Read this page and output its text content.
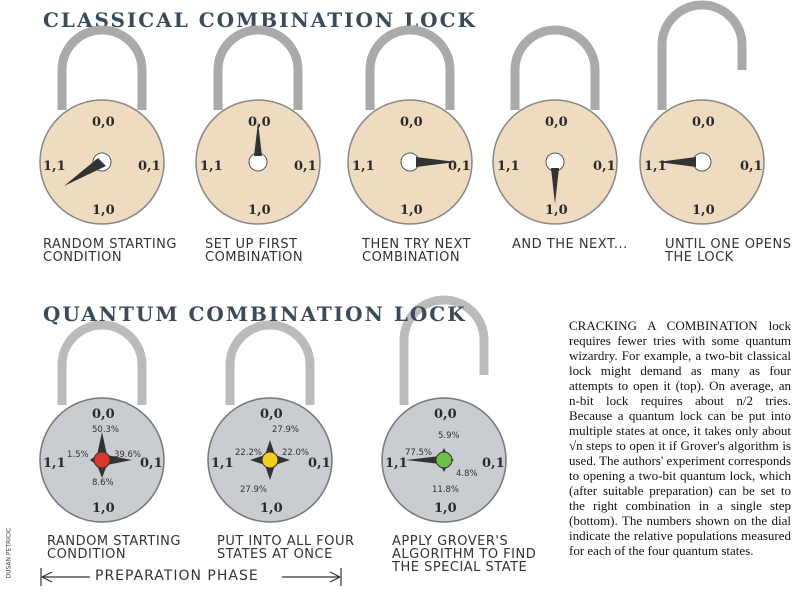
CLASSICAL COMBINATION LOCK
0,0
1,1	0,1
1,0
0,0
1,1	0,1
1,0
0,0
1,1	0,1
1,0
0,0
1,1	0,1
1,0
0,0
1,1	0,1
1,0
0,0
1,1	0,1
1,0
50.3%
1.5%	39.6%
8.6%
0,0
1,1	0,1
1,0
27.9%
22.2% 22.0%
27.9%
0,0
1,1	0,1
1,0
5.9%
77.5%
4.8%
11.8%
RANDOM STARTING
CONDITION
SET UP FIRST
COMBINATION
THEN TRY NEXT
COMBINATION
AND THE NEXT...	UNTIL ONE OPENS
THE LOCK
QUANTUM COMBINATION LOCK
RANDOM STARTING
CONDITION
PUT INTO ALL FOUR
STATES AT ONCE
APPLY GROVER'S
ALGORITHM TO FIND
THE SPECIAL STATE
PREPARATION PHASE
CRACKING A COMBINATION lock requires fewer tries with some quantum wizardry. For example, a two-bit classical lock might demand as many as four attempts to open it (top). On average, an n-bit lock requires about n/2 tries. Because a quantum lock can be put into multiple states at once, it takes only about √n steps to open it if Grover's algorithm is used. The authors' experiment corresponds to opening a two-bit quantum lock, which (after suitable preparation) can be set to the right combination in a single step (bottom). The numbers shown on the dial indicate the relative populations measured for each of the four quantum states.
DUSAN PETRICIC
